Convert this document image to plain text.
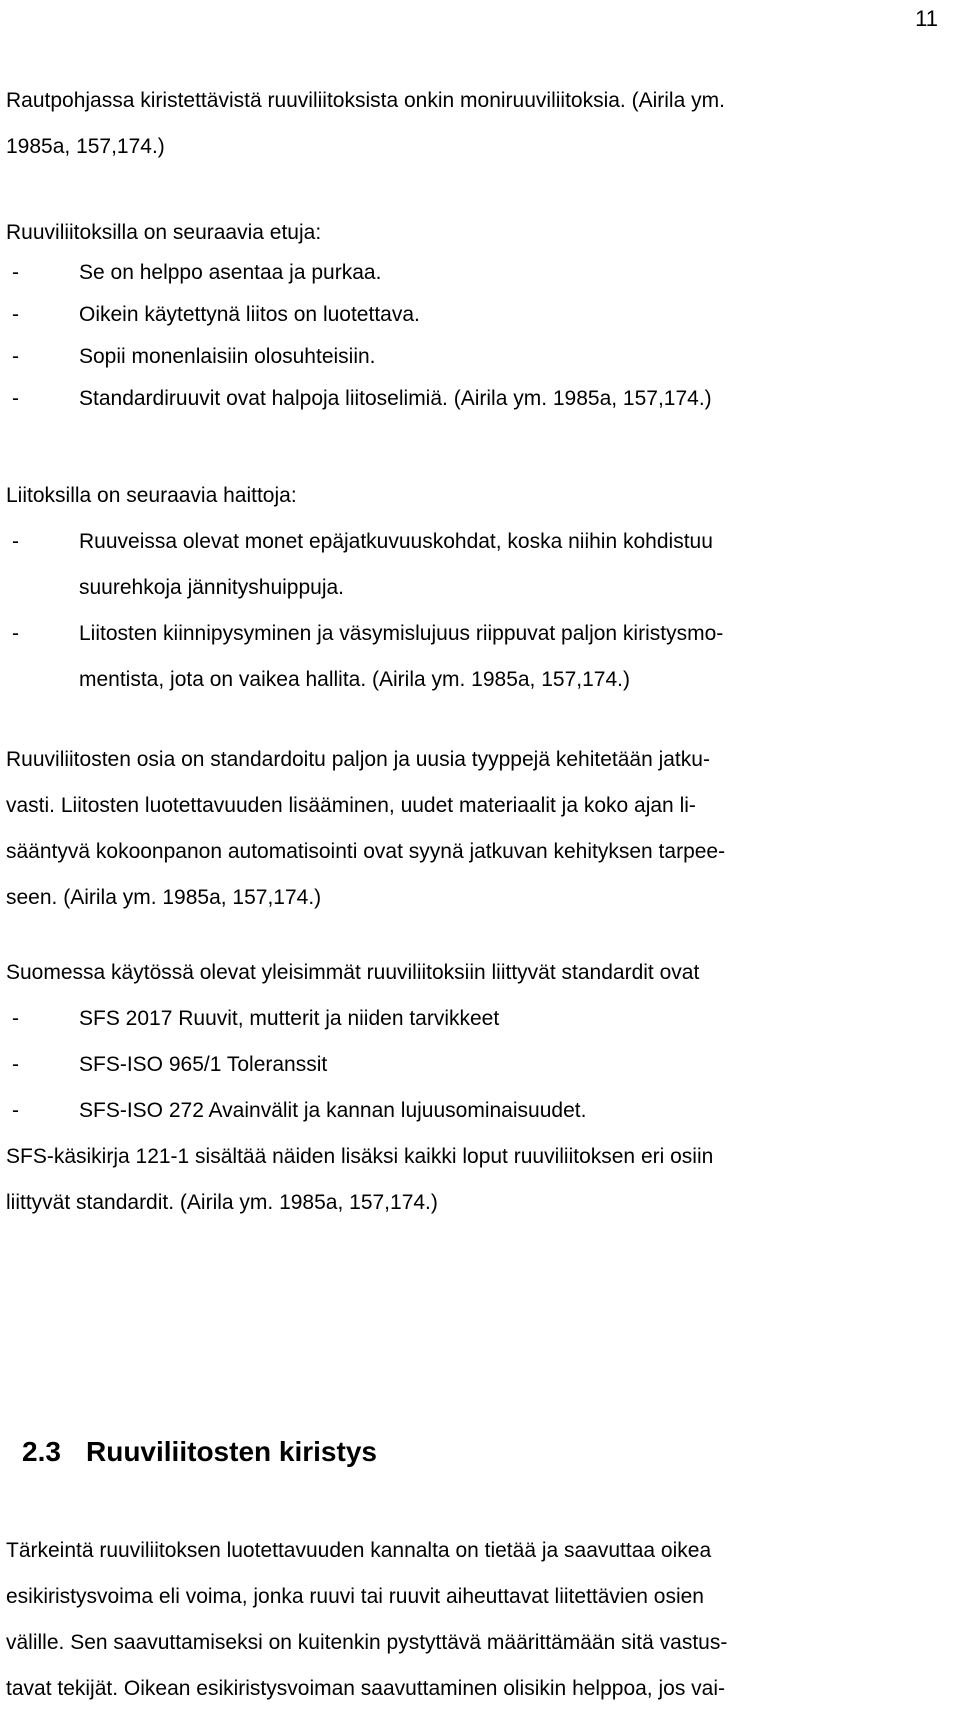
11
Rautpohjassa kiristettävistä ruuviliitoksista onkin moniruuviliitoksia. (Airila ym.
1985a, 157,174.)
Ruuviliitoksilla on seuraavia etuja:
-	Se on helppo asentaa ja purkaa.
-	Oikein käytettynä liitos on luotettava.
-	Sopii monenlaisiin olosuhteisiin.
-	Standardiruuvit ovat halpoja liitoselimiä. (Airila ym. 1985a, 157,174.)
Liitoksilla on seuraavia haittoja:
-	Ruuveissa olevat monet epäjatkuvuuskohdat, koska niihin kohdistuu
suurehkoja jännityshuippuja.
-	Liitosten kiinnipysyminen ja väsymislujuus riippuvat paljon kiristysmo-
mentista, jota on vaikea hallita. (Airila ym. 1985a, 157,174.)
Ruuviliitosten osia on standardoitu paljon ja uusia tyyppejä kehitetään jatku-
vasti. Liitosten luotettavuuden lisääminen, uudet materiaalit ja koko ajan li-
sääntyvä kokoonpanon automatisointi ovat syynä jatkuvan kehityksen tarpee-
seen. (Airila ym. 1985a, 157,174.)
Suomessa käytössä olevat yleisimmät ruuviliitoksiin liittyvät standardit ovat
-	SFS 2017 Ruuvit, mutterit ja niiden tarvikkeet
-	SFS-ISO 965/1 Toleranssit
-	SFS-ISO 272 Avainvälit ja kannan lujuusominaisuudet.
SFS-käsikirja 121-1 sisältää näiden lisäksi kaikki loput ruuviliitoksen eri osiin
liittyvät standardit. (Airila ym. 1985a, 157,174.)
2.3 Ruuviliitosten kiristys
Tärkeintä ruuviliitoksen luotettavuuden kannalta on tietää ja saavuttaa oikea
esikiristysvoima eli voima, jonka ruuvi tai ruuvit aiheuttavat liitettävien osien
välille. Sen saavuttamiseksi on kuitenkin pystyttävä määrittämään sitä vastus-
tavat tekijät. Oikean esikiristysvoiman saavuttaminen olisikin helppoa, jos vai-
